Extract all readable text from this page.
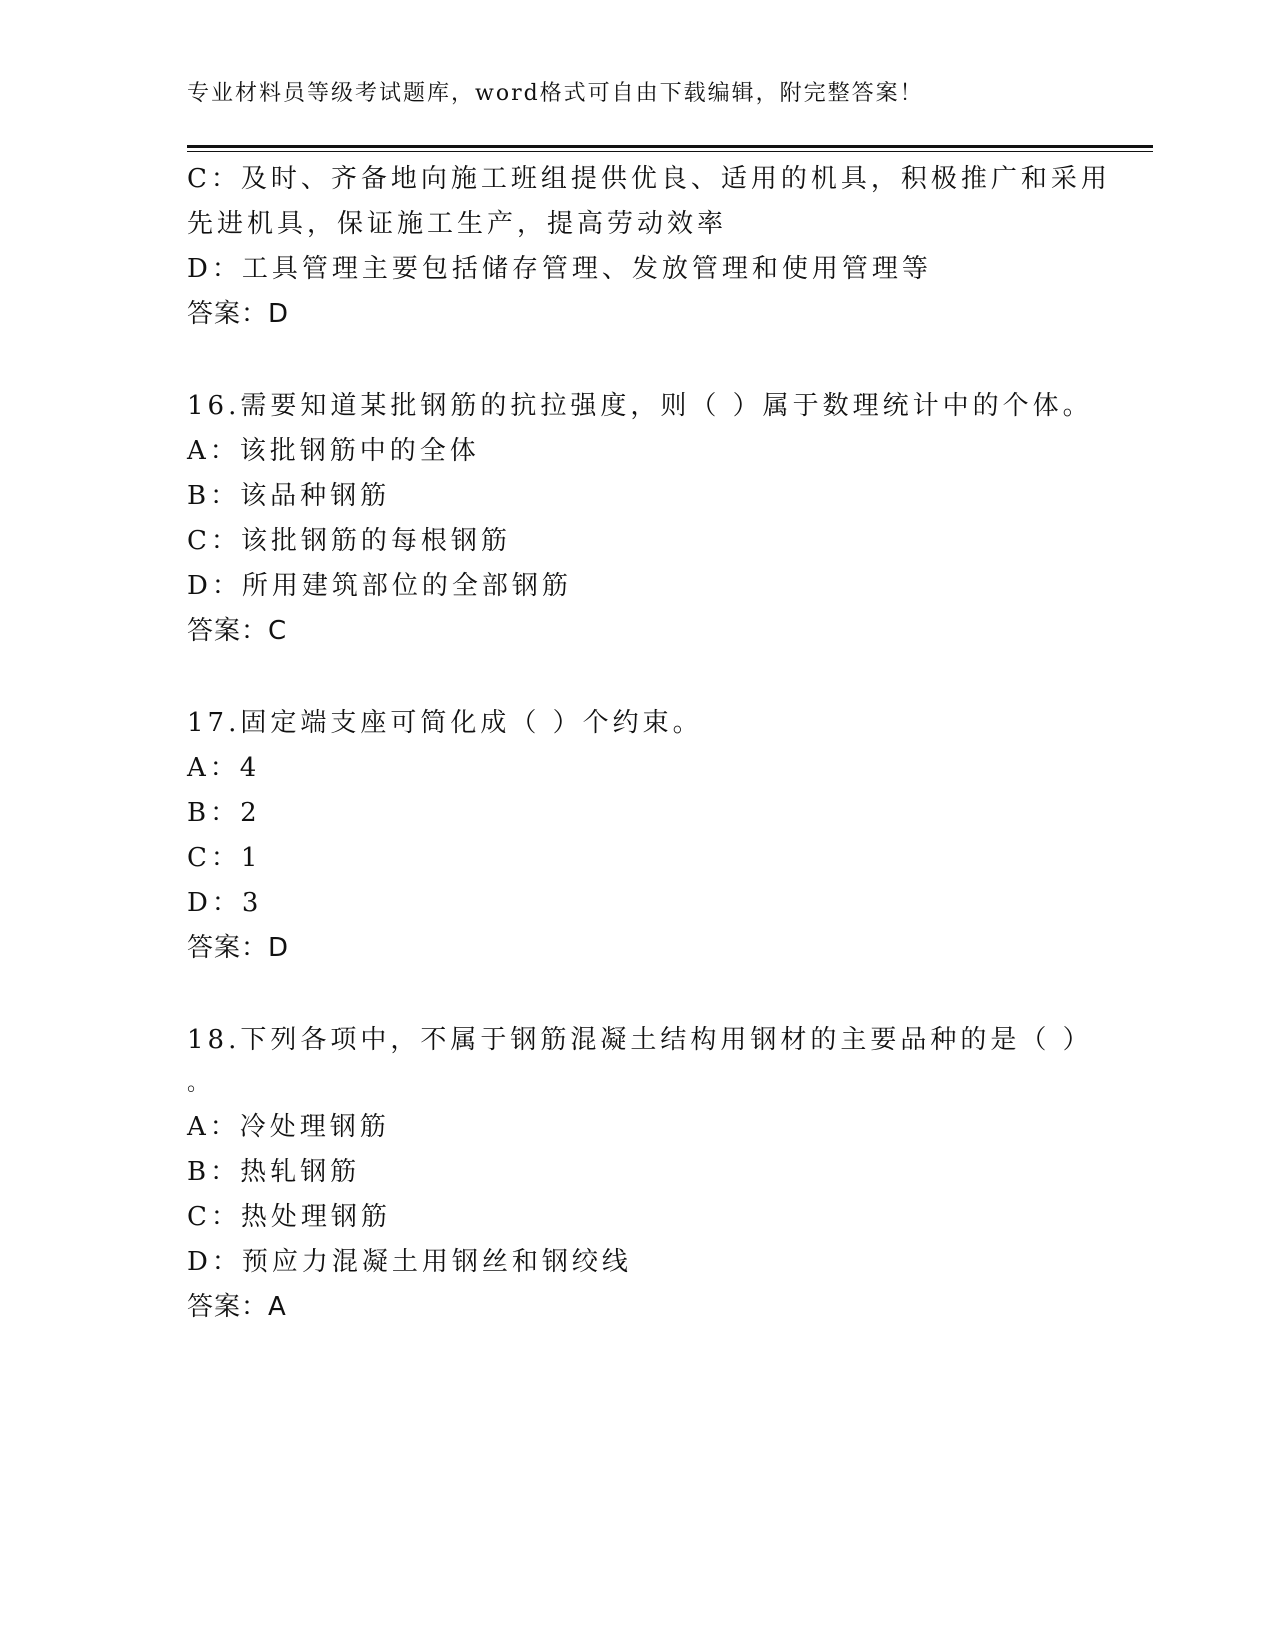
专业材料员等级考试题库，word格式可自由下载编辑，附完整答案！
C：及时、齐备地向施工班组提供优良、适用的机具，积极推广和采用
先进机具，保证施工生产，提高劳动效率
D：工具管理主要包括储存管理、发放管理和使用管理等
答案：D
16.需要知道某批钢筋的抗拉强度，则（ ）属于数理统计中的个体。
A：该批钢筋中的全体
B：该品种钢筋
C：该批钢筋的每根钢筋
D：所用建筑部位的全部钢筋
答案：C
17.固定端支座可简化成（ ）个约束。
A：4
B：2
C：1
D：3
答案：D
18.下列各项中，不属于钢筋混凝土结构用钢材的主要品种的是（ ）
。
A：冷处理钢筋
B：热轧钢筋
C：热处理钢筋
D：预应力混凝土用钢丝和钢绞线
答案：A
